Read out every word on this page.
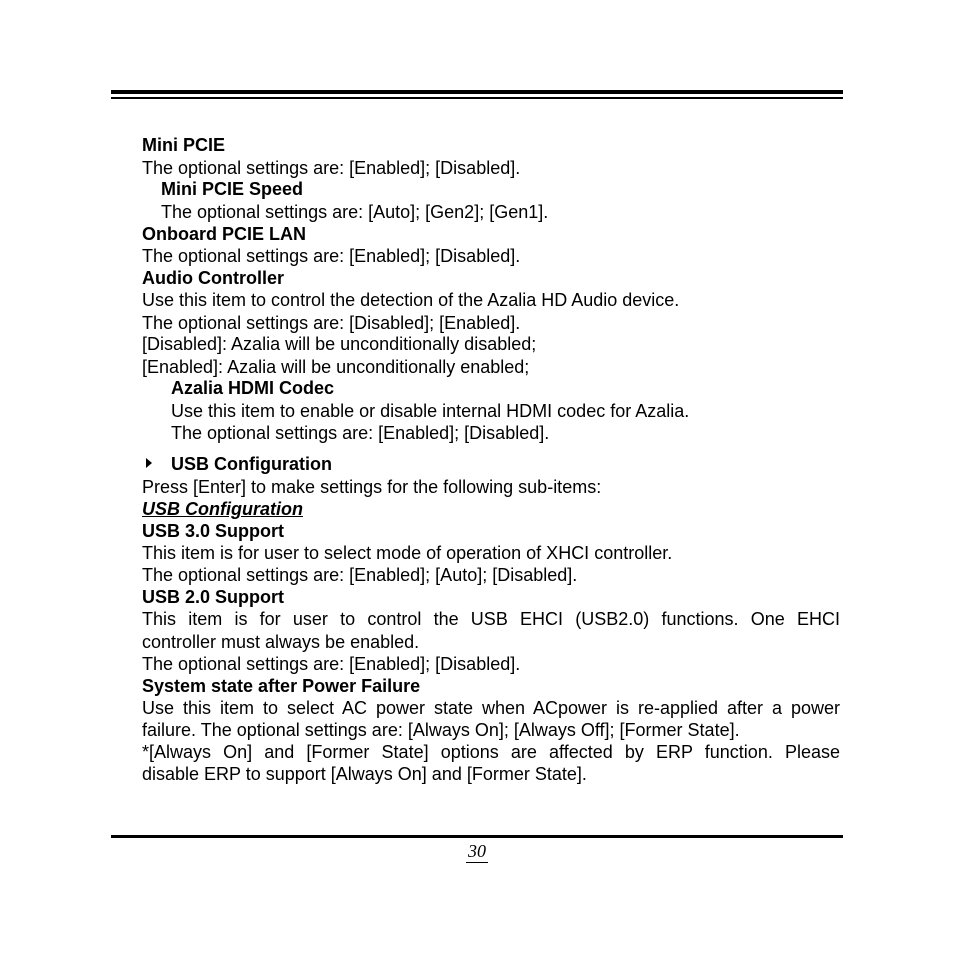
Mini PCIE
The optional settings are: [Enabled]; [Disabled].
Mini PCIE Speed
The optional settings are: [Auto]; [Gen2]; [Gen1].
Onboard PCIE LAN
The optional settings are: [Enabled]; [Disabled].
Audio Controller
Use this item to control the detection of the Azalia HD Audio device.
The optional settings are: [Disabled]; [Enabled].
[Disabled]: Azalia will be unconditionally disabled;
[Enabled]: Azalia will be unconditionally enabled;
Azalia HDMI Codec
Use this item to enable or disable internal HDMI codec for Azalia.
The optional settings are: [Enabled]; [Disabled].
USB Configuration
Press [Enter] to make settings for the following sub-items:
USB Configuration
USB 3.0 Support
This item is for user to select mode of operation of XHCI controller.
The optional settings are: [Enabled]; [Auto]; [Disabled].
USB 2.0 Support
This item is for user to control the USB EHCI (USB2.0) functions. One EHCI
controller must always be enabled.
The optional settings are: [Enabled]; [Disabled].
System state after Power Failure
Use this item to select AC power state when ACpower is re-applied after a power
failure. The optional settings are: [Always On]; [Always Off]; [Former State].
*[Always On] and [Former State] options are affected by ERP function. Please
disable ERP to support [Always On] and [Former State].
30
